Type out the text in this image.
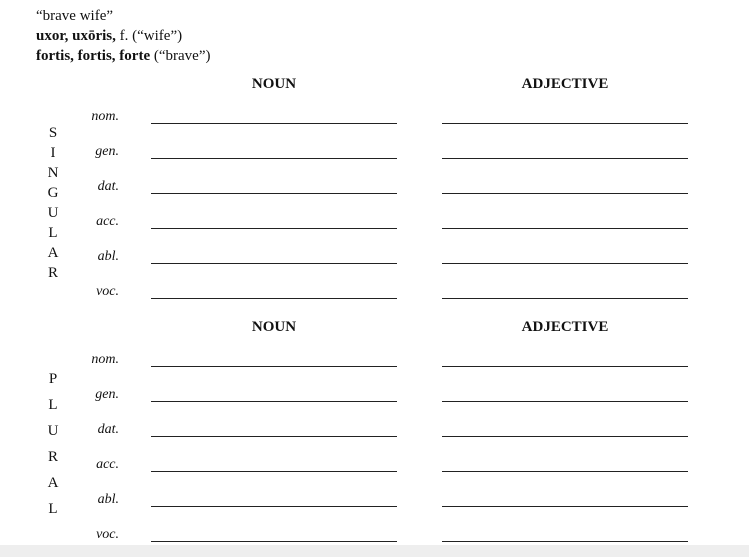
“brave wife”
uxor, uxōris, f. (“wife”)
fortis, fortis, forte (“brave”)
NOUN	ADJECTIVE
S
I
N
G
U
L
A
R
nom.
gen.
dat.
acc.
abl.
voc.
NOUN	ADJECTIVE
P
L
U
R
A
L
nom.
gen.
dat.
acc.
abl.
voc.
